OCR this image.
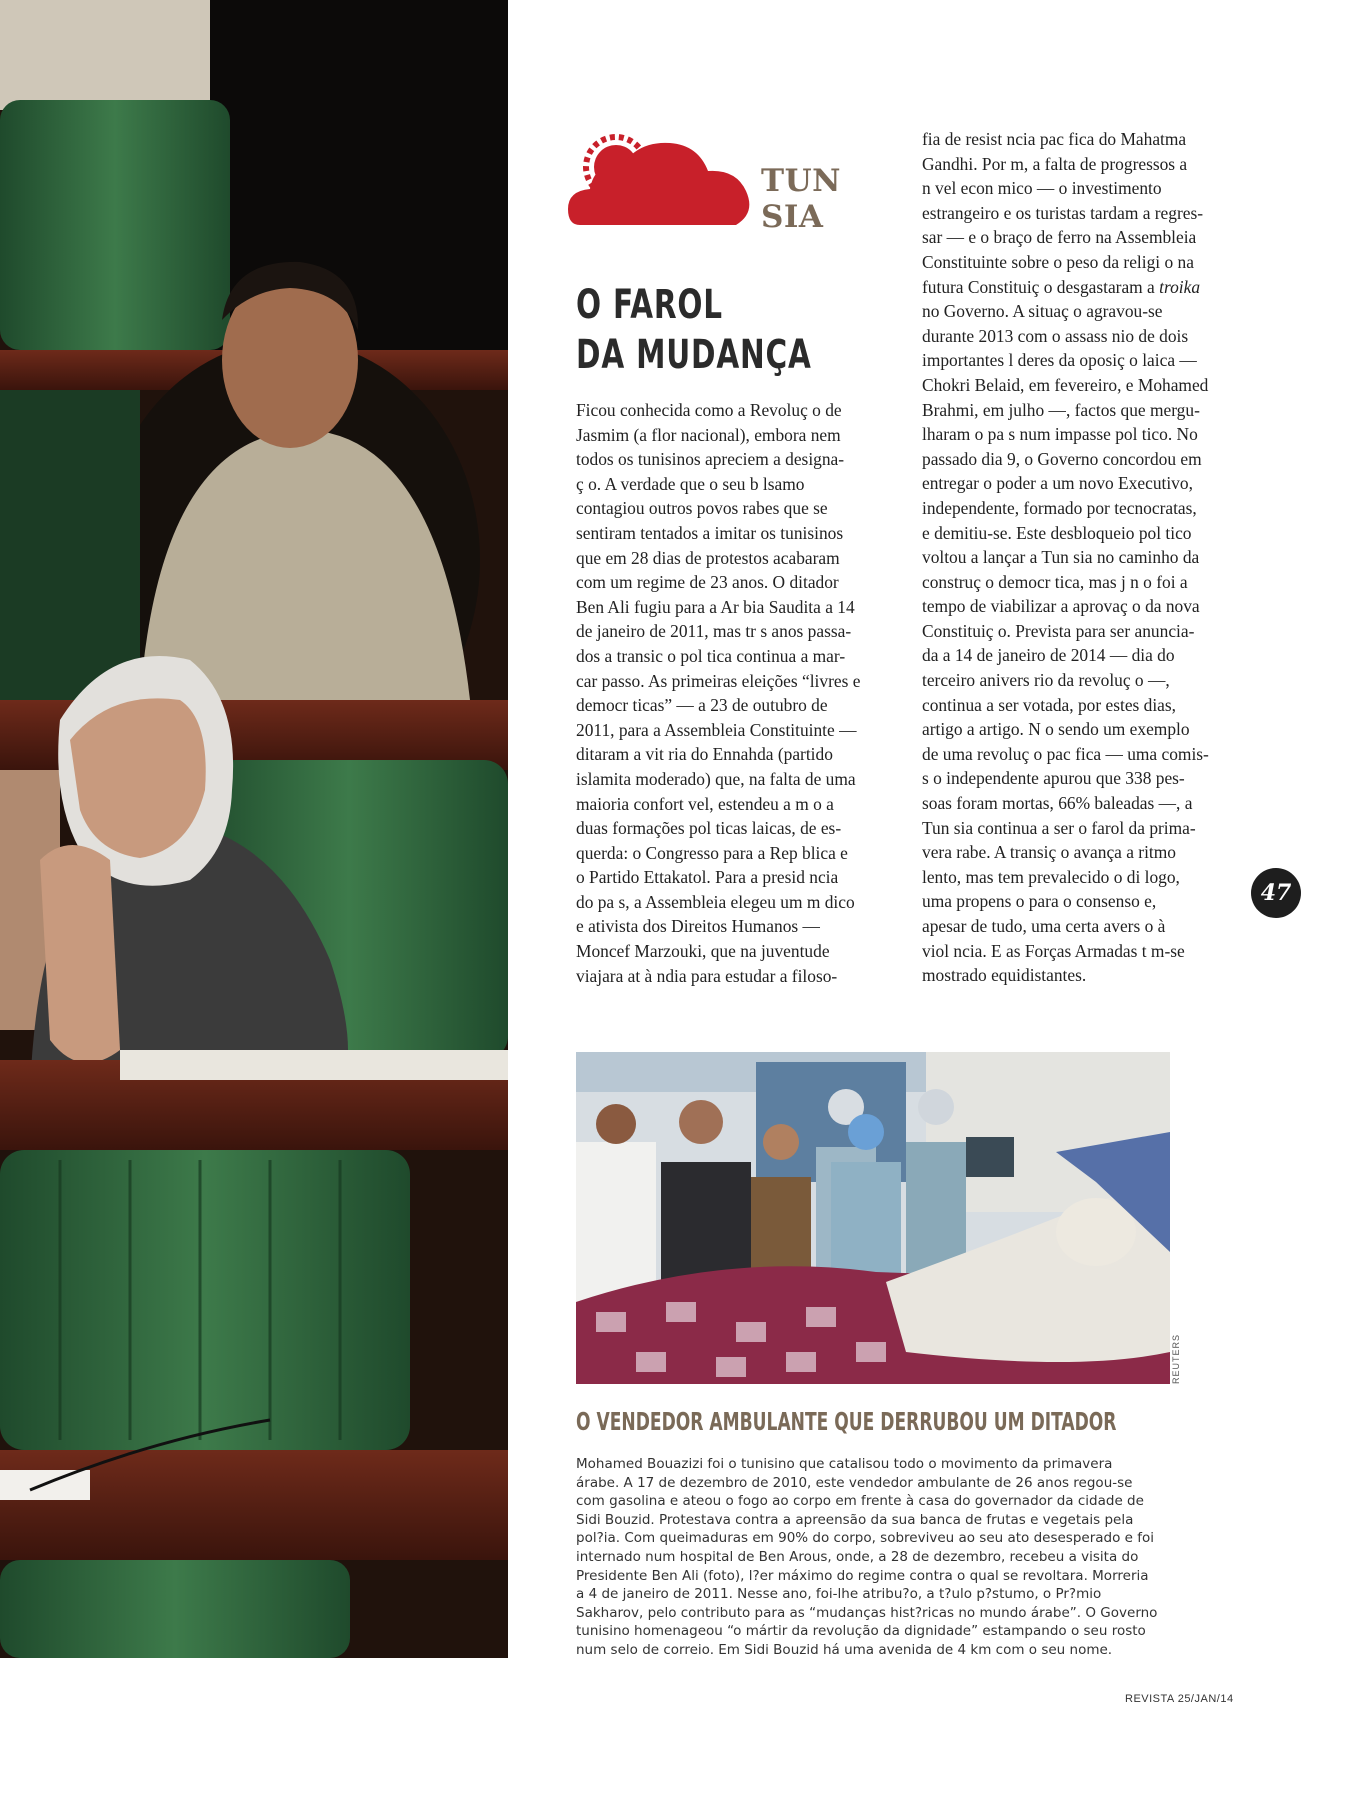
TUN SIA
O FAROL
DA MUDANÇA
Ficou conhecida como a Revoluç o de
Jasmim (a flor nacional), embora nem
todos os tunisinos apreciem a designa-
ç o. A verdade que o seu b lsamo
contagiou outros povos rabes que se
sentiram tentados a imitar os tunisinos
que em 28 dias de protestos acabaram
com um regime de 23 anos. O ditador
Ben Ali fugiu para a Ar bia Saudita a 14
de janeiro de 2011, mas tr s anos passa-
dos a transic o pol tica continua a mar-
car passo. As primeiras eleições “livres e
democr ticas” — a 23 de outubro de
2011, para a Assembleia Constituinte —
ditaram a vit ria do Ennahda (partido
islamita moderado) que, na falta de uma
maioria confort vel, estendeu a m o a
duas formações pol ticas laicas, de es-
querda: o Congresso para a Rep blica e
o Partido Ettakatol. Para a presid ncia
do pa s, a Assembleia elegeu um m dico
e ativista dos Direitos Humanos —
Moncef Marzouki, que na juventude
viajara at à ndia para estudar a filoso-
fia de resist ncia pac fica do Mahatma
Gandhi. Por m, a falta de progressos a
n vel econ mico — o investimento
estrangeiro e os turistas tardam a regres-
sar — e o braço de ferro na Assembleia
Constituinte sobre o peso da religi o na
futura Constituiç o desgastaram a troika
no Governo. A situaç o agravou-se
durante 2013 com o assass nio de dois
importantes l deres da oposiç o laica —
Chokri Belaid, em fevereiro, e Mohamed
Brahmi, em julho —, factos que mergu-
lharam o pa s num impasse pol tico. No
passado dia 9, o Governo concordou em
entregar o poder a um novo Executivo,
independente, formado por tecnocratas,
e demitiu-se. Este desbloqueio pol tico
voltou a lançar a Tun sia no caminho da
construç o democr tica, mas j n o foi a
tempo de viabilizar a aprovaç o da nova
Constituiç o. Prevista para ser anuncia-
da a 14 de janeiro de 2014 — dia do
terceiro anivers rio da revoluç o —,
continua a ser votada, por estes dias,
artigo a artigo. N o sendo um exemplo
de uma revoluç o pac fica — uma comis-
s o independente apurou que 338 pes-
soas foram mortas, 66% baleadas —, a
Tun sia continua a ser o farol da prima-
vera rabe. A transiç o avança a ritmo
lento, mas tem prevalecido o di logo,
uma propens o para o consenso e,
apesar de tudo, uma certa avers o à
viol ncia. E as Forças Armadas t m-se
mostrado equidistantes.
47
REUTERS
O VENDEDOR AMBULANTE QUE DERRUBOU UM DITADOR
Mohamed Bouazizi foi o tunisino que catalisou todo o movimento da primavera
árabe. A 17 de dezembro de 2010, este vendedor ambulante de 26 anos regou-se
com gasolina e ateou o fogo ao corpo em frente à casa do governador da cidade de
Sidi Bouzid. Protestava contra a apreensão da sua banca de frutas e vegetais pela
pol?ia. Com queimaduras em 90% do corpo, sobreviveu ao seu ato desesperado e foi
internado num hospital de Ben Arous, onde, a 28 de dezembro, recebeu a visita do
Presidente Ben Ali (foto), l?er máximo do regime contra o qual se revoltara. Morreria
a 4 de janeiro de 2011. Nesse ano, foi-lhe atribu?o, a t?ulo p?stumo, o Pr?mio
Sakharov, pelo contributo para as “mudanças hist?ricas no mundo árabe”. O Governo
tunisino homenageou “o mártir da revolução da dignidade” estampando o seu rosto
num selo de correio. Em Sidi Bouzid há uma avenida de 4 km com o seu nome.
REVISTA 25/JAN/14
